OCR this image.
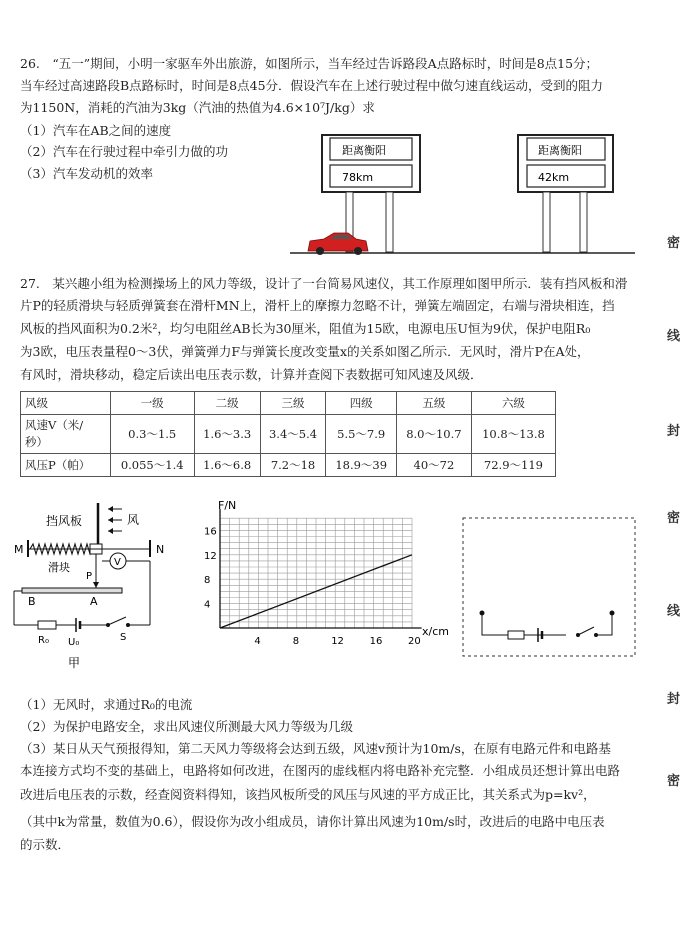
26.　“五一”期间，小明一家驱车外出旅游，如图所示，当车经过告诉路段A点路标时，时间是8点15分；
当车经过高速路段B点路标时，时间是8点45分．假设汽车在上述行驶过程中做匀速直线运动，受到的阻力
为1150N，消耗的汽油为3kg（汽油的热值为4.6×10⁷J/kg）求
（1）汽车在AB之间的速度
（2）汽车在行驶过程中牵引力做的功
（3）汽车发动机的效率
距离衡阳
78km
距离衡阳
42km
27.　某兴趣小组为检测操场上的风力等级，设计了一台简易风速仪，其工作原理如图甲所示．装有挡风板和滑
片P的轻质滑块与轻质弹簧套在滑杆MN上，滑杆上的摩擦力忽略不计，弹簧左端固定，右端与滑块相连，挡
风板的挡风面积为0.2米²，均匀电阻丝AB长为30厘米，阻值为15欧，电源电压U恒为9伏，保护电阻R₀
为3欧，电压表量程0～3伏，弹簧弹力F与弹簧长度改变量x的关系如图乙所示．无风时，滑片P在A处，
有风时，滑块移动，稳定后读出电压表示数，计算并查阅下表数据可知风速及风级．
风级	一级	二级	三级	四级	五级	六级
风速V（米/
秒）	0.3～1.5	1.6～3.3	3.4～5.4	5.5～7.9	8.0～10.7	10.8～13.8
风压P（帕）	0.055～1.4	1.6～6.8	7.2～18	18.9～39	40～72	72.9～119
挡风板	风
M	N
V
滑块
P
B	A
R₀ U₀	S
甲
F/N
x/cm
4
8
12
16
4	8	12	16	20
（1）无风时，求通过R₀的电流
（2）为保护电路安全，求出风速仪所测最大风力等级为几级
（3）某日从天气预报得知，第二天风力等级将会达到五级，风速v预计为10m/s，在原有电路元件和电路基
本连接方式均不变的基础上，电路将如何改进，在图丙的虚线框内将电路补充完整．小组成员还想计算出电路
改进后电压表的示数，经查阅资料得知，该挡风板所受的风压与风速的平方成正比，其关系式为p=kv²，
（其中k为常量，数值为0.6），假设你为改小组成员，请你计算出风速为10m/s时，改进后的电路中电压表
的示数．
密
线
封
密
线
封
密
